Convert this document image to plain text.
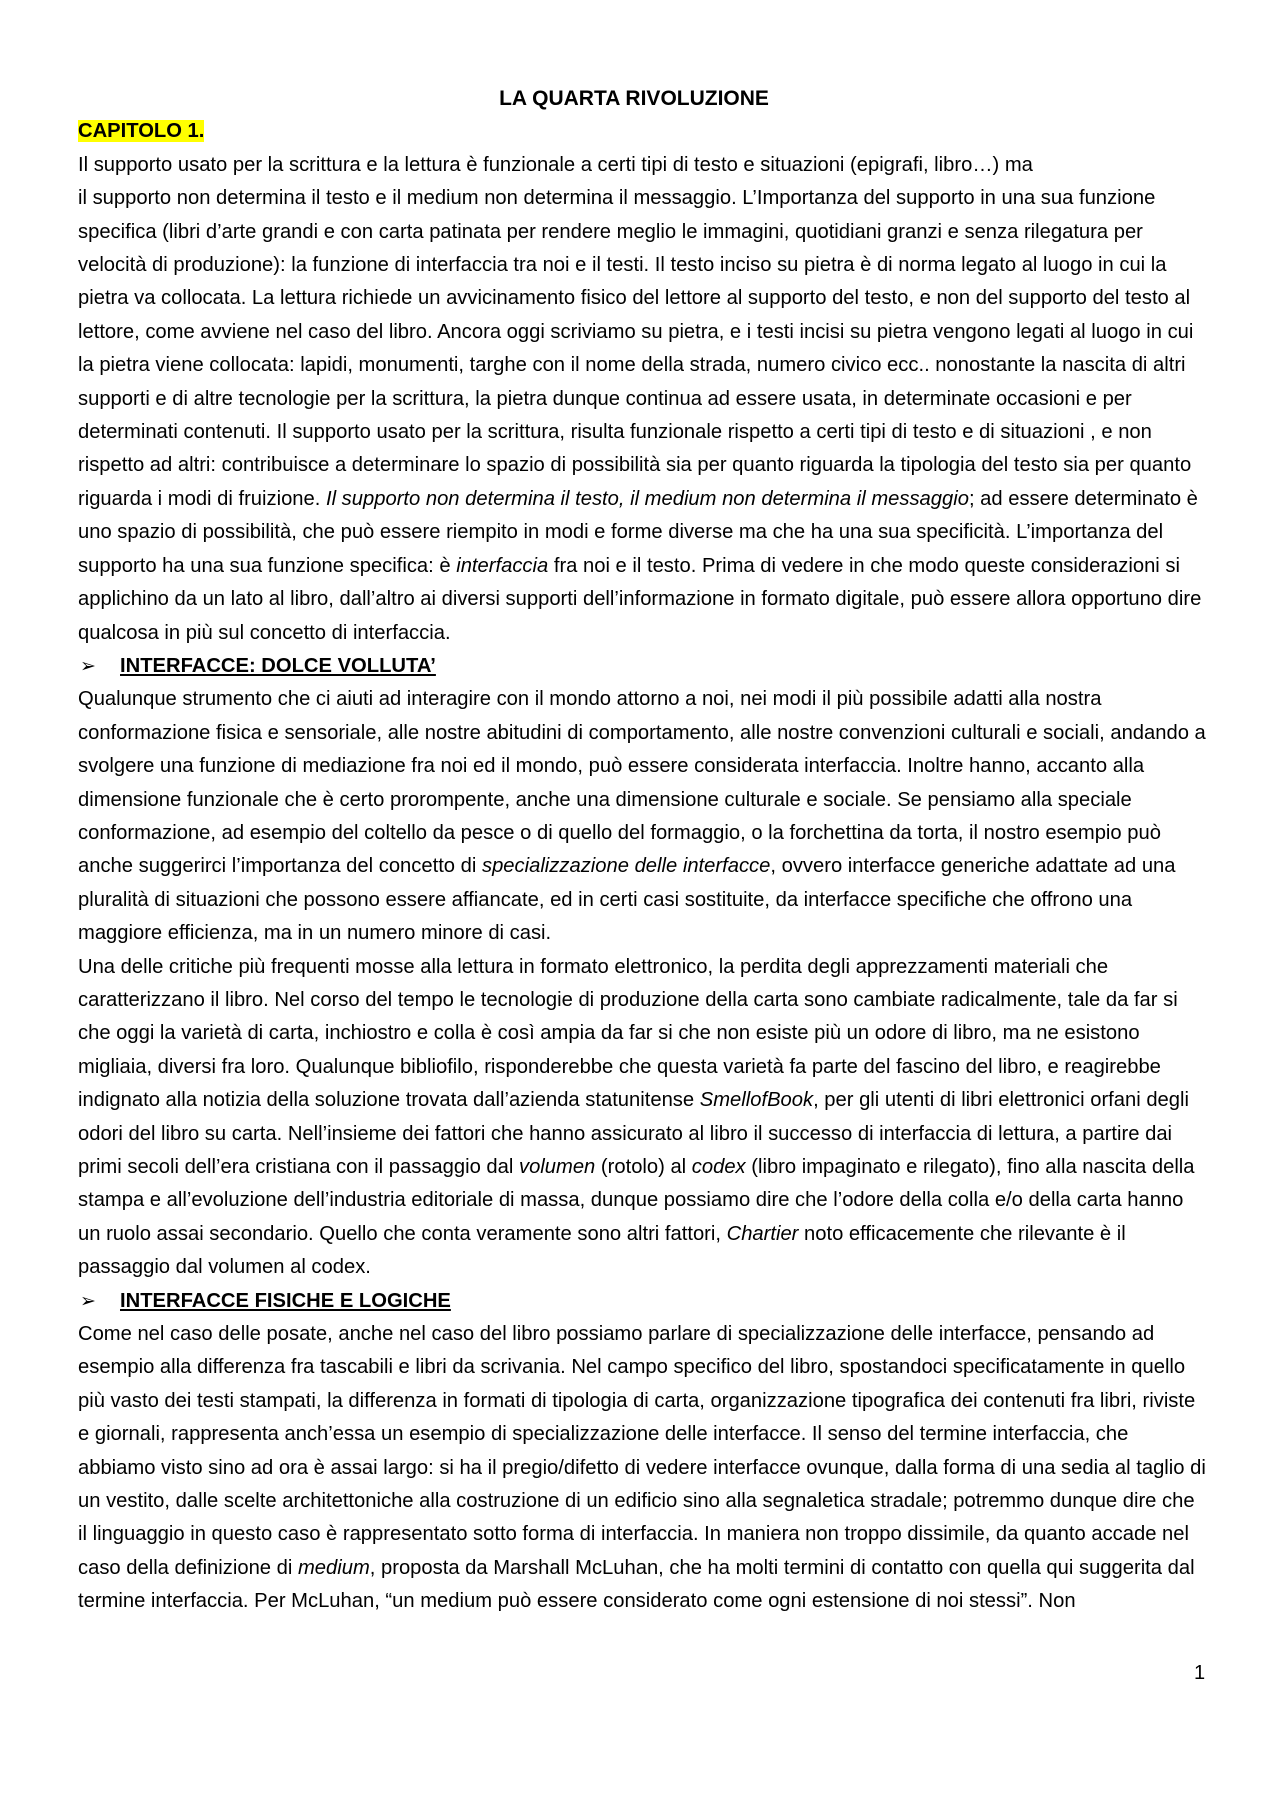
LA QUARTA RIVOLUZIONE
CAPITOLO 1.

Il supporto usato per la scrittura e la lettura è funzionale a certi tipi di testo e situazioni (epigrafi, libro…) ma
il supporto non determina il testo e il medium non determina il messaggio. L’Importanza del supporto in una sua funzione specifica (libri d’arte grandi e con carta patinata per rendere meglio le immagini, quotidiani granzi e senza rilegatura per velocità di produzione): la funzione di interfaccia tra noi e il testi. Il testo inciso su pietra è di norma legato al luogo in cui la pietra va collocata. La lettura richiede un avvicinamento fisico del lettore al supporto del testo, e non del supporto del testo al lettore, come avviene nel caso del libro. Ancora oggi scriviamo su pietra, e i testi incisi su pietra vengono legati al luogo in cui la pietra viene collocata: lapidi, monumenti, targhe con il nome della strada, numero civico ecc.. nonostante la nascita di altri supporti e di altre tecnologie per la scrittura, la pietra dunque continua ad essere usata, in determinate occasioni e per determinati contenuti. Il supporto usato per la scrittura, risulta funzionale rispetto a certi tipi di testo e di situazioni , e non rispetto ad altri: contribuisce a determinare lo spazio di possibilità sia per quanto riguarda la tipologia del testo sia per quanto riguarda i modi di fruizione. Il supporto non determina il testo, il medium non determina il messaggio; ad essere determinato è uno spazio di possibilità, che può essere riempito in modi e forme diverse ma che ha una sua specificità. L’importanza del supporto ha una sua funzione specifica: è interfaccia fra noi e il testo. Prima di vedere in che modo queste considerazioni si applichino da un lato al libro, dall’altro ai diversi supporti dell’informazione in formato digitale, può essere allora opportuno dire qualcosa in più sul concetto di interfaccia.

➢	INTERFACCE: DOLCE VOLLUTA’

Qualunque strumento che ci aiuti ad interagire con il mondo attorno a noi, nei modi il più possibile adatti alla nostra conformazione fisica e sensoriale, alle nostre abitudini di comportamento, alle nostre convenzioni culturali e sociali, andando a svolgere una funzione di mediazione fra noi ed il mondo, può essere considerata interfaccia. Inoltre hanno, accanto alla dimensione funzionale che è certo prorompente, anche una dimensione culturale e sociale. Se pensiamo alla speciale conformazione, ad esempio del coltello da pesce o di quello del formaggio, o la forchettina da torta, il nostro esempio può anche suggerirci l’importanza del concetto di specializzazione delle interfacce, ovvero interfacce generiche adattate ad una pluralità di situazioni che possono essere affiancate, ed in certi casi sostituite, da interfacce specifiche che offrono una maggiore efficienza, ma in un numero minore di casi.

Una delle critiche più frequenti mosse alla lettura in formato elettronico, la perdita degli apprezzamenti materiali che caratterizzano il libro. Nel corso del tempo le tecnologie di produzione della carta sono cambiate radicalmente, tale da far si che oggi la varietà di carta, inchiostro e colla è così ampia da far si che non esiste più un odore di libro, ma ne esistono migliaia, diversi fra loro. Qualunque bibliofilo, risponderebbe che questa varietà fa parte del fascino del libro, e reagirebbe indignato alla notizia della soluzione trovata dall’azienda statunitense SmellofBook, per gli utenti di libri elettronici orfani degli odori del libro su carta. Nell’insieme dei fattori che hanno assicurato al libro il successo di interfaccia di lettura, a partire dai primi secoli dell’era cristiana con il passaggio dal volumen (rotolo) al codex (libro impaginato e rilegato), fino alla nascita della stampa e all’evoluzione dell’industria editoriale di massa, dunque possiamo dire che l’odore della colla e/o della carta hanno un ruolo assai secondario. Quello che conta veramente sono altri fattori, Chartier noto efficacemente che rilevante è il passaggio dal volumen al codex.

➢	INTERFACCE FISICHE E LOGICHE

Come nel caso delle posate, anche nel caso del libro possiamo parlare di specializzazione delle interfacce, pensando ad esempio alla differenza fra tascabili e libri da scrivania. Nel campo specifico del libro, spostandoci specificatamente in quello più vasto dei testi stampati, la differenza in formati di tipologia di carta, organizzazione tipografica dei contenuti fra libri, riviste e giornali, rappresenta anch’essa un esempio di specializzazione delle interfacce. Il senso del termine interfaccia, che abbiamo visto sino ad ora è assai largo: si ha il pregio/difetto di vedere interfacce ovunque, dalla forma di una sedia al taglio di un vestito, dalle scelte architettoniche alla costruzione di un edificio sino alla segnaletica stradale; potremmo dunque dire che il linguaggio in questo caso è rappresentato sotto forma di interfaccia. In maniera non troppo dissimile, da quanto accade nel caso della definizione di medium, proposta da Marshall McLuhan, che ha molti termini di contatto con quella qui suggerita dal termine interfaccia. Per McLuhan, “un medium può essere considerato come ogni estensione di noi stessi”. Non

1
